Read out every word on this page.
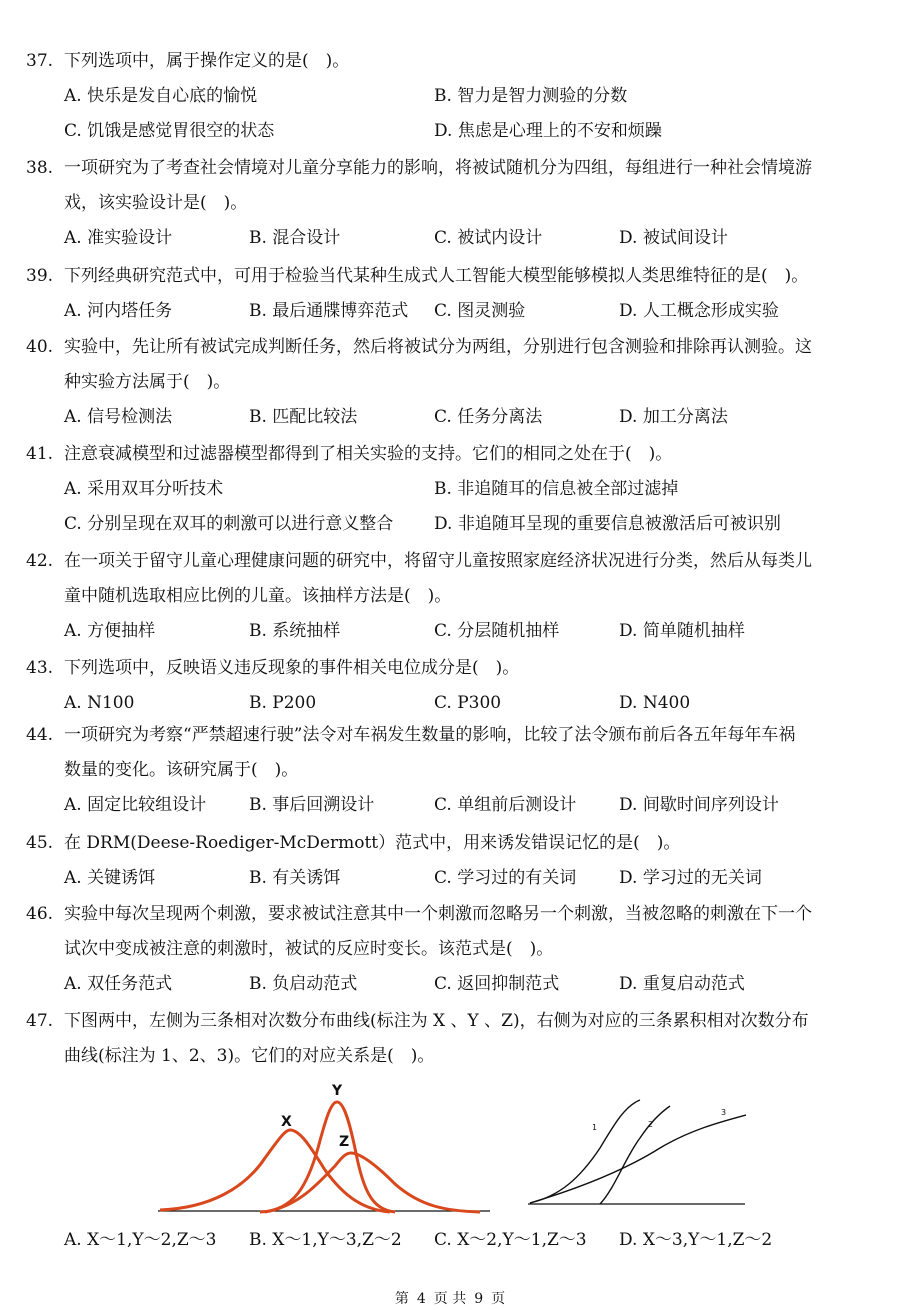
37. 下列选项中，属于操作定义的是(　)。
A. 快乐是发自心底的愉悦	B. 智力是智力测验的分数
C. 饥饿是感觉胃很空的状态	D. 焦虑是心理上的不安和烦躁
38. 一项研究为了考查社会情境对儿童分享能力的影响，将被试随机分为四组，每组进行一种社会情境游
戏，该实验设计是(　)。
A. 准实验设计	B. 混合设计	C. 被试内设计	D. 被试间设计
39. 下列经典研究范式中，可用于检验当代某种生成式人工智能大模型能够模拟人类思维特征的是(　)。
A. 河内塔任务	B. 最后通牒博弈范式 C. 图灵测验	D. 人工概念形成实验
40. 实验中，先让所有被试完成判断任务，然后将被试分为两组，分别进行包含测验和排除再认测验。这
种实验方法属于(　)。
A. 信号检测法	B. 匹配比较法	C. 任务分离法	D. 加工分离法
41. 注意衰减模型和过滤器模型都得到了相关实验的支持。它们的相同之处在于(　)。
A. 采用双耳分听技术	B. 非追随耳的信息被全部过滤掉
C. 分别呈现在双耳的刺激可以进行意义整合 D. 非追随耳呈现的重要信息被激活后可被识别
42. 在一项关于留守儿童心理健康问题的研究中，将留守儿童按照家庭经济状况进行分类，然后从每类儿
童中随机选取相应比例的儿童。该抽样方法是(　)。
A. 方便抽样	B. 系统抽样	C. 分层随机抽样	D. 简单随机抽样
43. 下列选项中，反映语义违反现象的事件相关电位成分是(　)。
A. N100	B. P200	C. P300	D. N400
44. 一项研究为考察“严禁超速行驶”法令对车祸发生数量的影响，比较了法令颁布前后各五年每年车祸
数量的变化。该研究属于(　)。
A. 固定比较组设计	B. 事后回溯设计	C. 单组前后测设计	D. 间歇时间序列设计
45. 在 DRM(Deese-Roediger-McDermott）范式中，用来诱发错误记忆的是(　)。
A. 关键诱饵	B. 有关诱饵	C. 学习过的有关词	D. 学习过的无关词
46. 实验中每次呈现两个刺激，要求被试注意其中一个刺激而忽略另一个刺激，当被忽略的刺激在下一个
试次中变成被注意的刺激时，被试的反应时变长。该范式是(　)。
A. 双任务范式	B. 负启动范式	C. 返回抑制范式	D. 重复启动范式
47. 下图两中，左侧为三条相对次数分布曲线(标注为 X 、Y 、Z)，右侧为对应的三条累积相对次数分布
曲线(标注为 1、2、3)。它们的对应关系是(　)。
X
Y
Z
1	2
3
A. X～1,Y～2,Z～3 B. X～1,Y～3,Z～2 C. X～2,Y～1,Z～3 D. X～3,Y～1,Z～2
第 4 页 共 9 页
